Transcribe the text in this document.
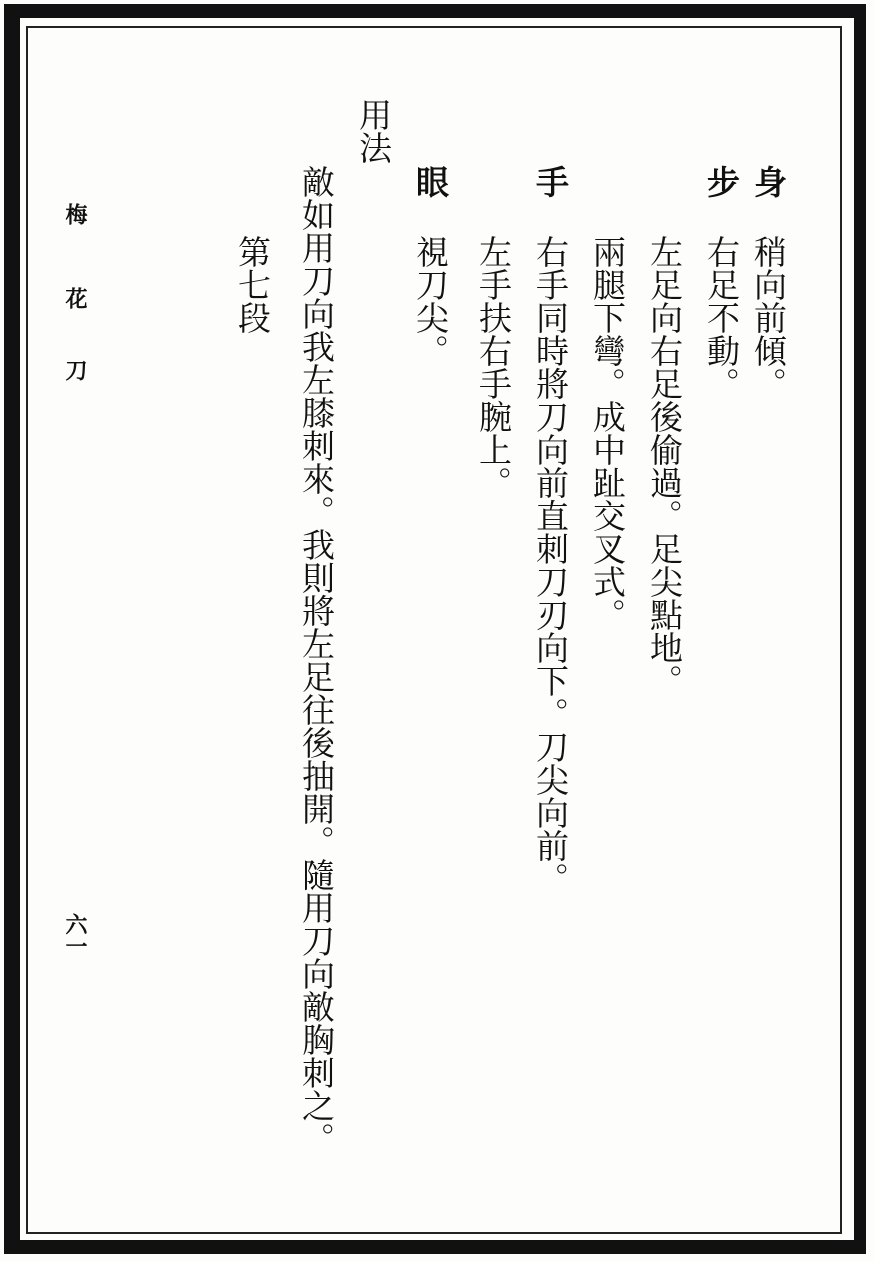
梅
花
刀
六一
身
稍向前傾。
步
右足不動。
左足向右足後偷過。足尖點地。
兩腿下彎。成中趾交叉式。
手
右手同時將刀向前直刺刀刃向下。刀尖向前。
左手扶右手腕上。
眼
視刀尖。
用法
敵如用刀向我左膝刺來。我則將左足往後抽開。隨用刀向敵胸刺之。
第七段
